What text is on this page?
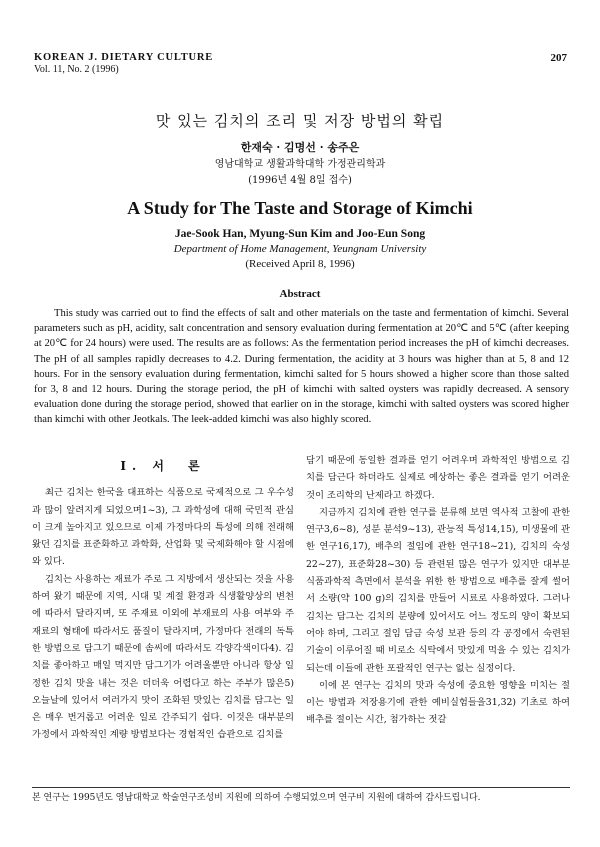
KOREAN J. DIETARY CULTURE
Vol. 11, No. 2 (1996)
207
맛 있는 김치의 조리 및 저장 방법의 확립
한재숙 · 김명선 · 송주은
영남대학교 생활과학대학 가정관리학과
(1996년 4월 8일 접수)
A Study for The Taste and Storage of Kimchi
Jae-Sook Han, Myung-Sun Kim and Joo-Eun Song
Department of Home Management, Yeungnam University
(Received April 8, 1996)
Abstract

This study was carried out to find the effects of salt and other materials on the taste and fermentation of kimchi. Several parameters such as pH, acidity, salt concentration and sensory evaluation during fermentation at 20℃ and 5℃ (after keeping at 20℃ for 24 hours) were used. The results are as follows: As the fermentation period increases the pH of kimchi decreases. The pH of all samples rapidly decreases to 4.2. During fermentation, the acidity at 3 hours was higher than at 5, 8 and 12 hours. For in the sensory evaluation during fermentation, kimchi salted for 5 hours showed a higher score than those salted for 3, 8 and 12 hours. During the storage period, the pH of kimchi with salted oysters was rapidly decreased. A sensory evaluation done during the storage period, showed that earlier on in the storage, kimchi with salted oysters was scored higher than kimchi with other Jeotkals. The leek-added kimchi was also highly scored.

I. 서　론

최근 김치는 한국을 대표하는 식품으로 국제적으로 그 우수성과 많이 알려지게 되었으며1~3), 그 과학성에 대해 국민적 관심이 크게 높아지고 있으므로 이제 가정마다의 특성에 의해 전래해 왔던 김치를 표준화하고 과학화, 산업화 및 국제화해야 할 시점에 와 있다.

김치는 사용하는 재료가 주로 그 지방에서 생산되는 것을 사용하여 왔기 때문에 지역, 시대 및 계절 환경과 식생활양상의 변천에 따라서 달라지며, 또 주재료 이외에 부재료의 사용 여부와 주재료의 형태에 따라서도 품질이 달라지며, 가정마다 전래의 독특한 방법으로 담그기 때문에 솜씨에 따라서도 각양각색이다4). 김치를 좋아하고 매일 먹지만 담그기가 어려울뿐만 아니라 항상 일정한 김치 맛을 내는 것은 더더욱 어렵다고 하는 주부가 많은5) 오늘날에 있어서 여러가지 맛이 조화된 맛있는 김치를 담그는 일은 매우 번거롭고 어려운 일로 간주되기 쉽다. 이것은 대부분의 가정에서 과학적인 계량 방법보다는 경험적인 습관으로 김치를

담기 때문에 동일한 결과를 얻기 어려우며 과학적인 방법으로 김치를 담근다 하더라도 실제로 예상하는 좋은 결과를 얻기 어려운 것이 조리학의 난제라고 하겠다.

지금까지 김치에 관한 연구를 분류해 보면 역사적 고찰에 관한 연구3,6~8), 성분 분석9~13), 관능적 특성14,15), 미생물에 관한 연구16,17), 배추의 절임에 관한 연구18~21), 김치의 숙성22~27), 표준화28~30) 등 관련된 많은 연구가 있지만 대부분 식품과학적 측면에서 분석을 위한 한 방법으로 배추를 잘게 썰어서 소량(약 100 g)의 김치를 만들어 시료로 사용하였다. 그러나 김치는 담그는 김치의 분량에 있어서도 어느 정도의 양이 확보되어야 하며, 그리고 절임 담금 숙성 보관 등의 각 공정에서 숙련된 기술이 이루어질 때 비로소 식탁에서 맛있게 먹을 수 있는 김치가 되는데 이들에 관한 포괄적인 연구는 없는 실정이다.

이에 본 연구는 김치의 맛과 숙성에 중요한 영향을 미치는 절이는 방법과 저장용기에 관한 예비실험들을31,32) 기초로 하여 배추를 절이는 시간, 첨가하는 젓갈

본 연구는 1995년도 영남대학교 학술연구조성비 지원에 의하여 수행되었으며 연구비 지원에 대하여 감사드립니다.
